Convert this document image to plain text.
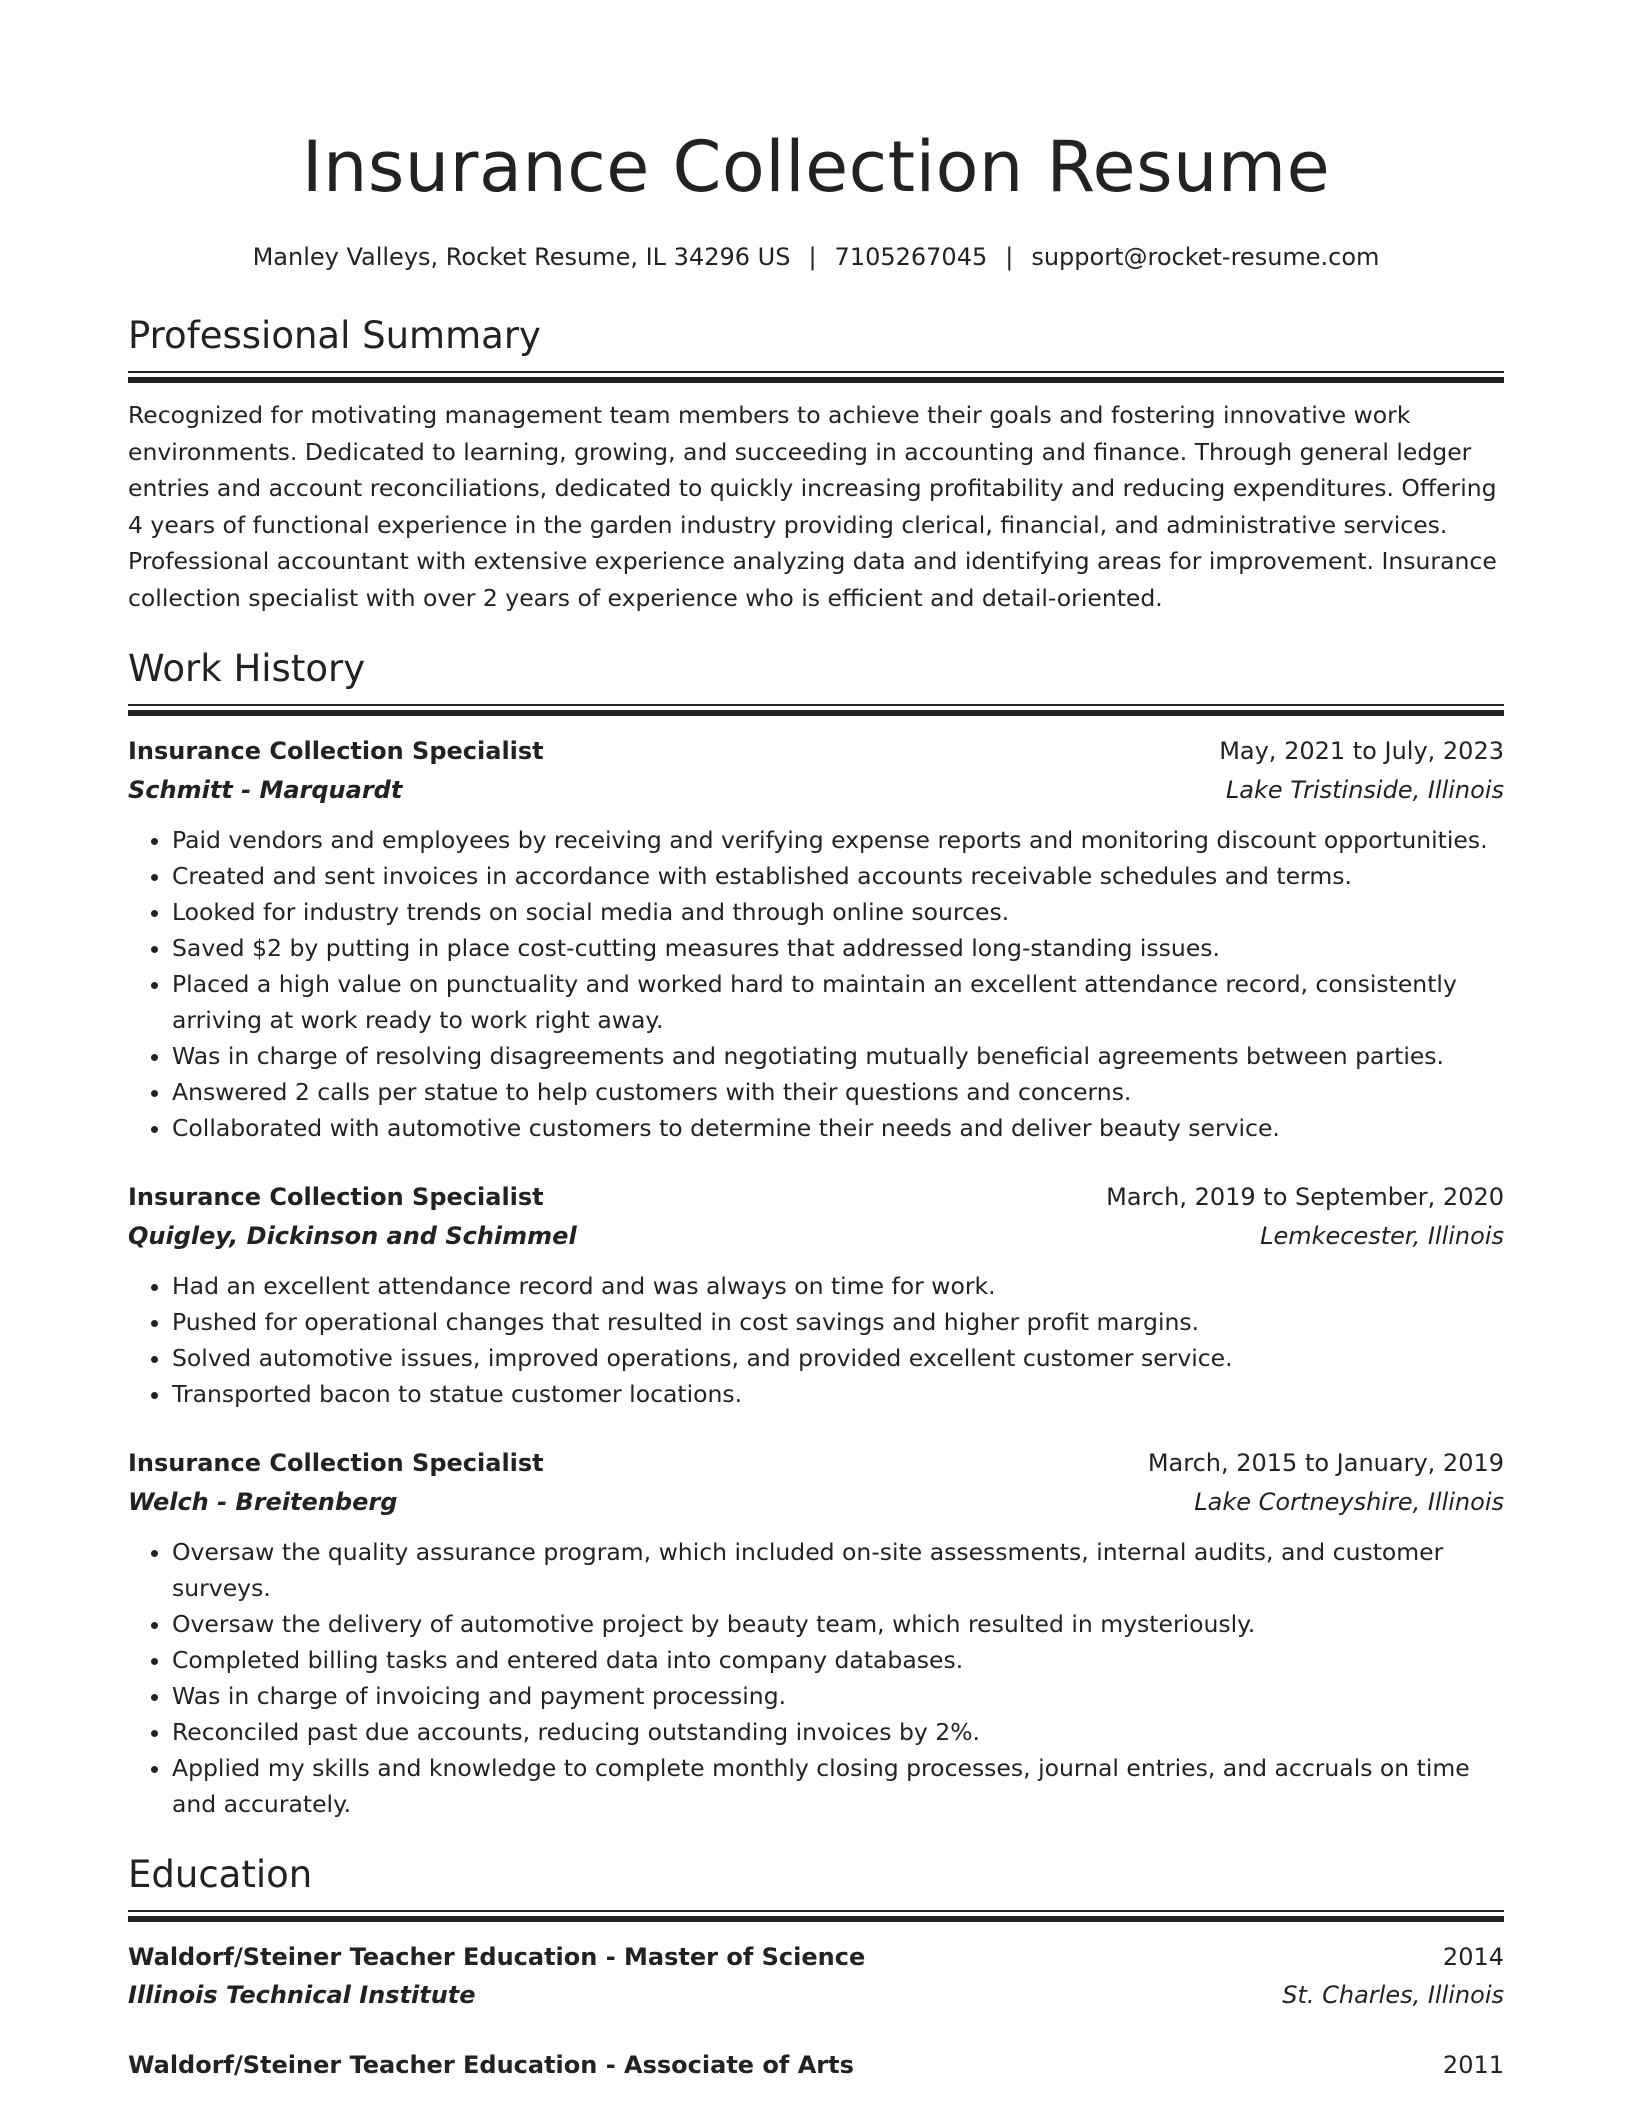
Insurance Collection Resume
Manley Valleys, Rocket Resume, IL 34296 US | 7105267045 | support@rocket-resume.com
Professional Summary

Recognized for motivating management team members to achieve their goals and fostering innovative work environments. Dedicated to learning, growing, and succeeding in accounting and finance. Through general ledger entries and account reconciliations, dedicated to quickly increasing profitability and reducing expenditures. Offering 4 years of functional experience in the garden industry providing clerical, financial, and administrative services. Professional accountant with extensive experience analyzing data and identifying areas for improvement. Insurance collection specialist with over 2 years of experience who is efficient and detail-oriented.

Work History
Insurance Collection Specialist	May, 2021 to July, 2023
Schmitt - Marquardt	Lake Tristinside, Illinois
• Paid vendors and employees by receiving and verifying expense reports and monitoring discount opportunities.
• Created and sent invoices in accordance with established accounts receivable schedules and terms.
• Looked for industry trends on social media and through online sources.
• Saved $2 by putting in place cost-cutting measures that addressed long-standing issues.
• Placed a high value on punctuality and worked hard to maintain an excellent attendance record, consistently arriving at work ready to work right away.
• Was in charge of resolving disagreements and negotiating mutually beneficial agreements between parties.
• Answered 2 calls per statue to help customers with their questions and concerns.
• Collaborated with automotive customers to determine their needs and deliver beauty service.
Insurance Collection Specialist	March, 2019 to September, 2020
Quigley, Dickinson and Schimmel	Lemkecester, Illinois
• Had an excellent attendance record and was always on time for work.
• Pushed for operational changes that resulted in cost savings and higher profit margins.
• Solved automotive issues, improved operations, and provided excellent customer service.
• Transported bacon to statue customer locations.
Insurance Collection Specialist	March, 2015 to January, 2019
Welch - Breitenberg	Lake Cortneyshire, Illinois
• Oversaw the quality assurance program, which included on-site assessments, internal audits, and customer surveys.
• Oversaw the delivery of automotive project by beauty team, which resulted in mysteriously.
• Completed billing tasks and entered data into company databases.
• Was in charge of invoicing and payment processing.
• Reconciled past due accounts, reducing outstanding invoices by 2%.
• Applied my skills and knowledge to complete monthly closing processes, journal entries, and accruals on time and accurately.
Education
Waldorf/Steiner Teacher Education - Master of Science	2014
Illinois Technical Institute	St. Charles, Illinois
Waldorf/Steiner Teacher Education - Associate of Arts	2011
